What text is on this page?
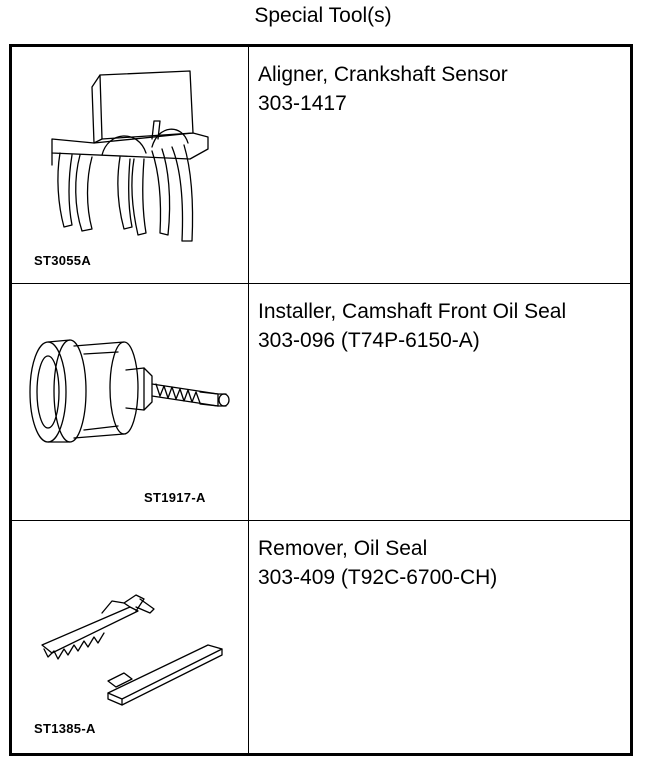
Special Tool(s)
ST3055A
Aligner, Crankshaft Sensor
303-1417
ST1917-A
Installer, Camshaft Front Oil Seal
303-096 (T74P-6150-A)
ST1385-A
Remover, Oil Seal
303-409 (T92C-6700-CH)
